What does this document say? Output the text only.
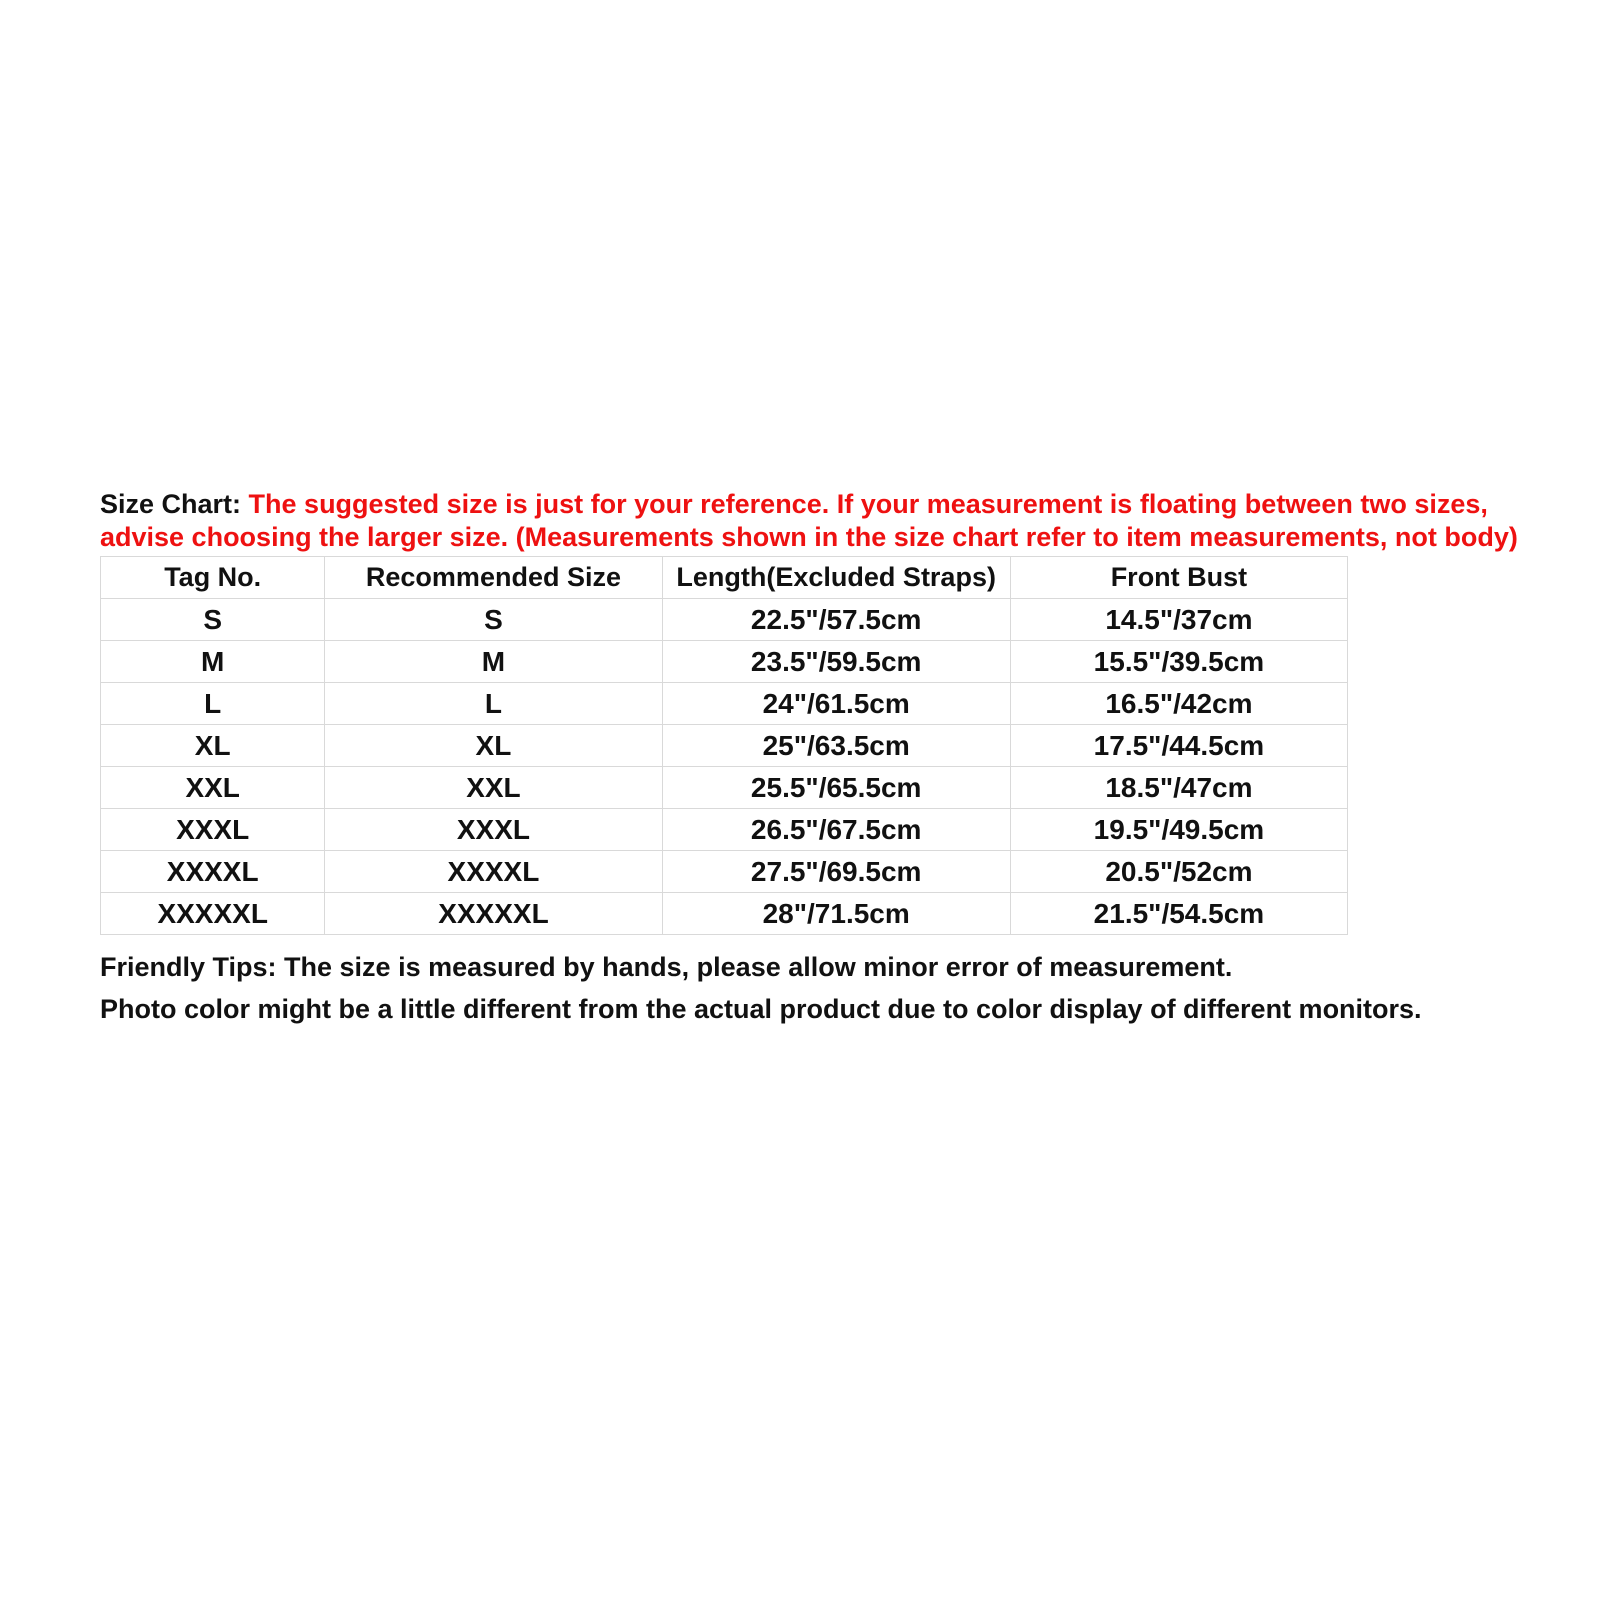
Size Chart: The suggested size is just for your reference. If your measurement is floating between two sizes, advise choosing the larger size. (Measurements shown in the size chart refer to item measurements, not body)

Tag No.	Recommended Size	Length(Excluded Straps)	Front Bust
S	S	22.5"/57.5cm	14.5"/37cm
M	M	23.5"/59.5cm	15.5"/39.5cm
L	L	24"/61.5cm	16.5"/42cm
XL	XL	25"/63.5cm	17.5"/44.5cm
XXL	XXL	25.5"/65.5cm	18.5"/47cm
XXXL	XXXL	26.5"/67.5cm	19.5"/49.5cm
XXXXL	XXXXL	27.5"/69.5cm	20.5"/52cm
XXXXXL	XXXXXL	28"/71.5cm	21.5"/54.5cm

Friendly Tips: The size is measured by hands, please allow minor error of measurement.

Photo color might be a little different from the actual product due to color display of different monitors.
